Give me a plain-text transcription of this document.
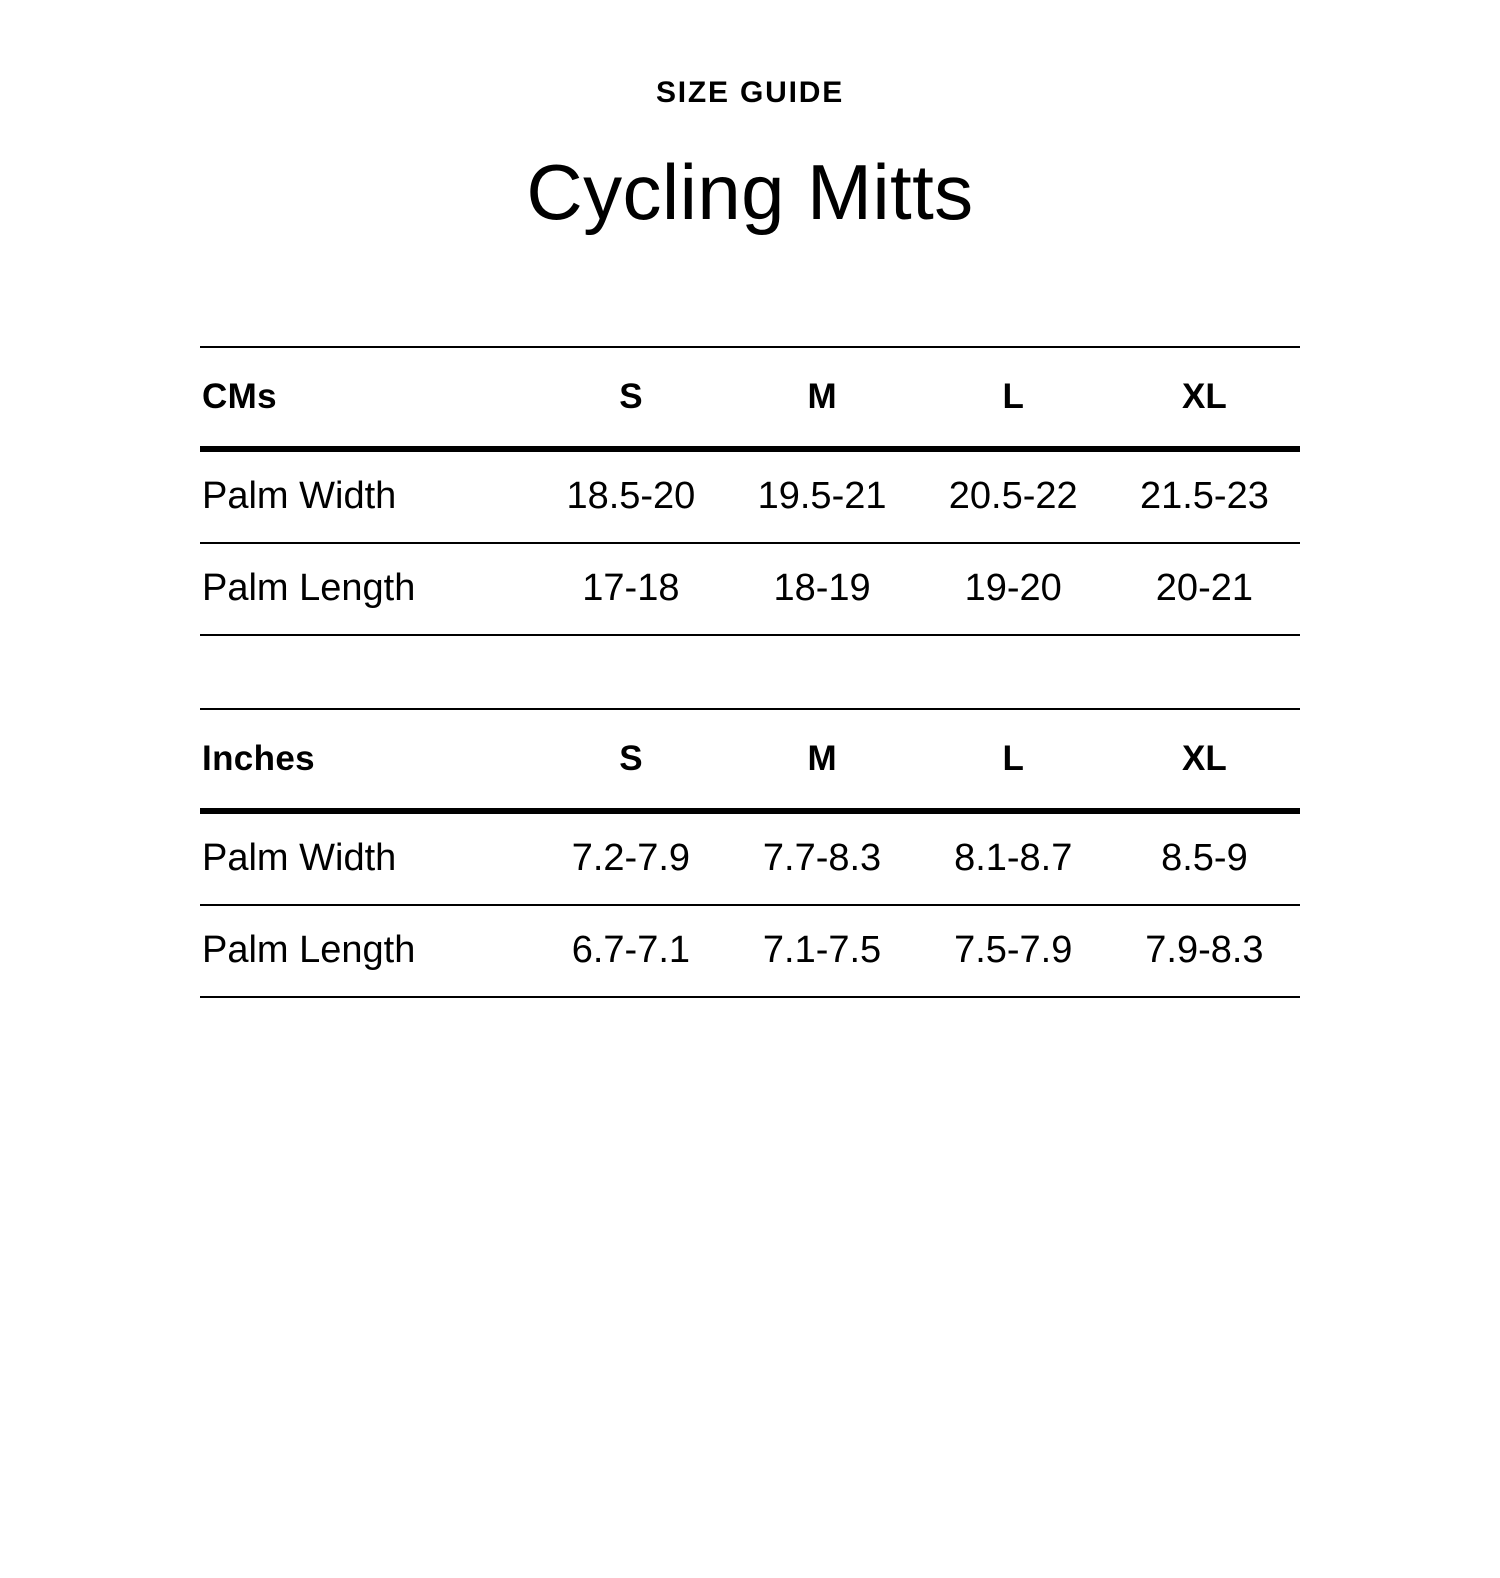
SIZE GUIDE
Cycling Mitts
CMs	S	M	L	XL
Palm Width	18.5-20	19.5-21	20.5-22	21.5-23
Palm Length	17-18	18-19	19-20	20-21
Inches	S	M	L	XL
Palm Width	7.2-7.9	7.7-8.3	8.1-8.7	8.5-9
Palm Length	6.7-7.1	7.1-7.5	7.5-7.9	7.9-8.3
